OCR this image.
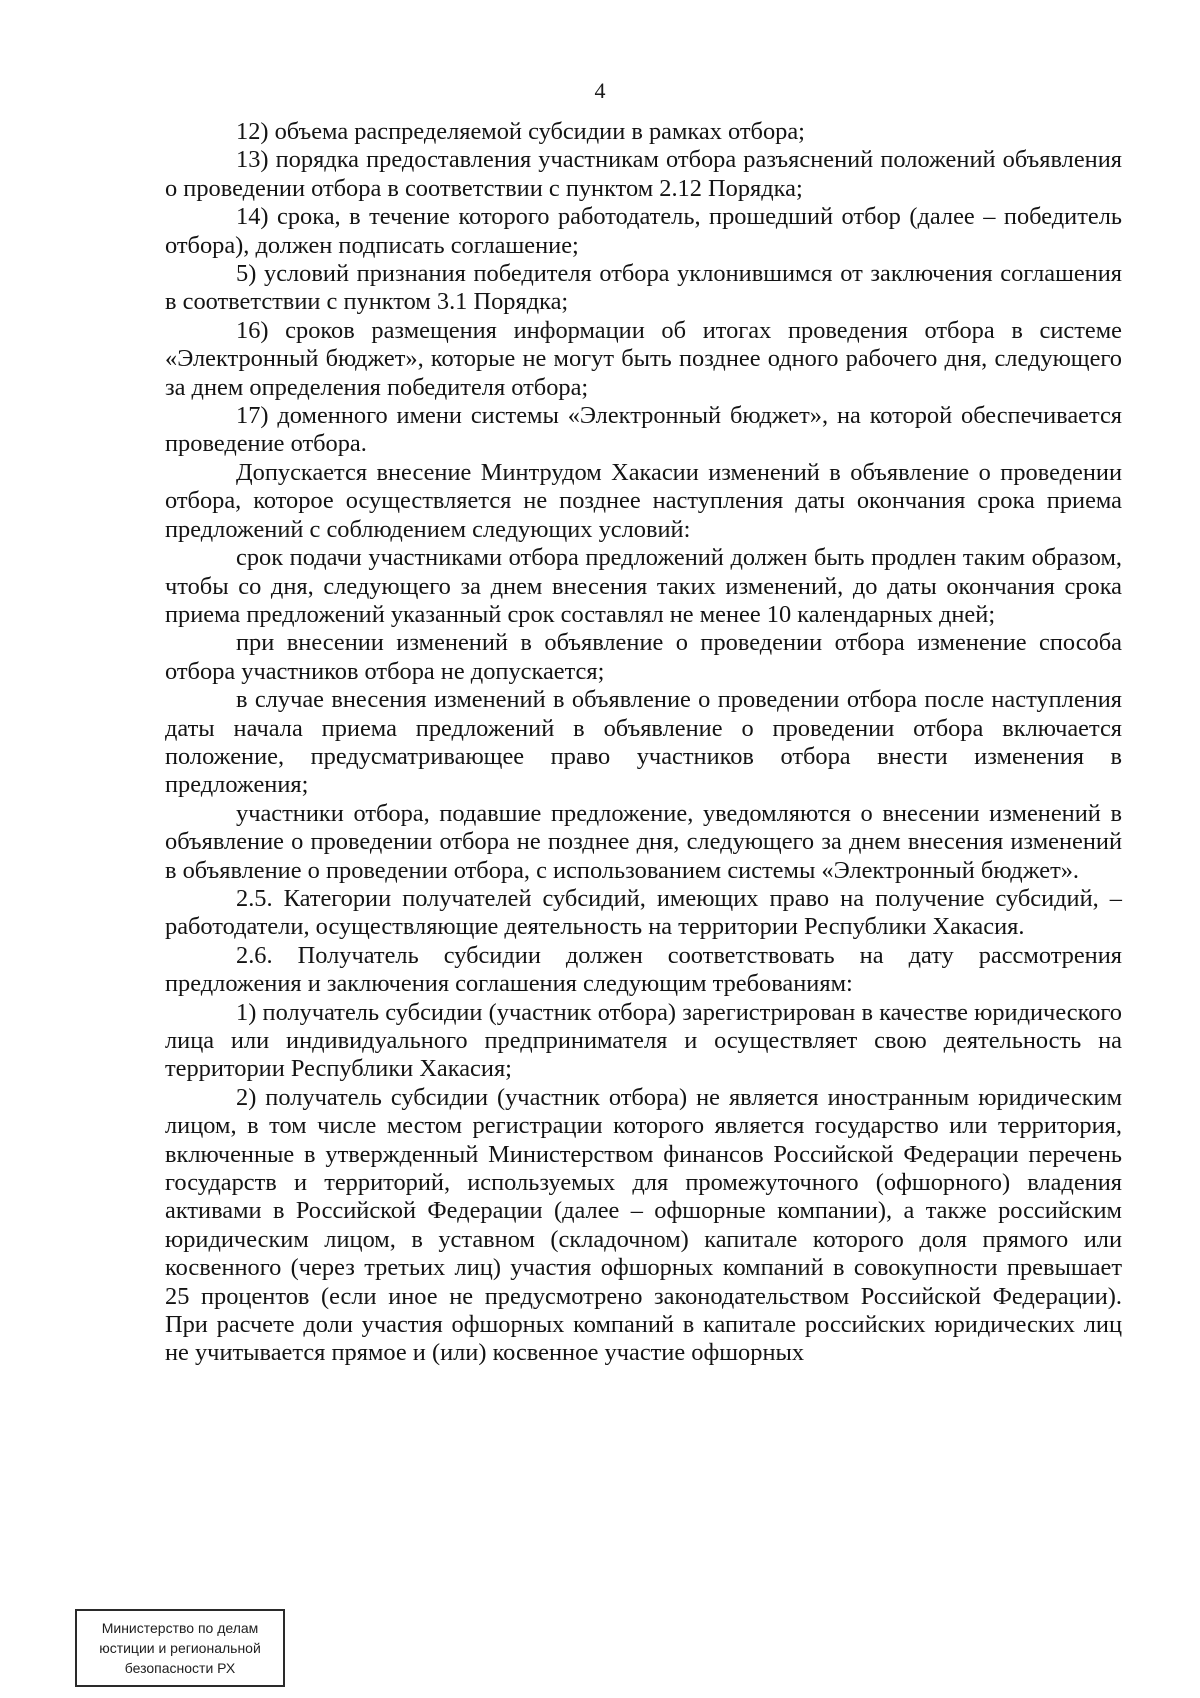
4

12) объема распределяемой субсидии в рамках отбора;

13) порядка предоставления участникам отбора разъяснений положений объявления о проведении отбора в соответствии с пунктом 2.12 Порядка;

14) срока, в течение которого работодатель, прошедший отбор (далее – победитель отбора), должен подписать соглашение;

5) условий признания победителя отбора уклонившимся от заключения соглашения в соответствии с пунктом 3.1 Порядка;

16) сроков размещения информации об итогах проведения отбора в системе «Электронный бюджет», которые не могут быть позднее одного рабочего дня, следующего за днем определения победителя отбора;

17) доменного имени системы «Электронный бюджет», на которой обеспечивается проведение отбора.

Допускается внесение Минтрудом Хакасии изменений в объявление о проведении отбора, которое осуществляется не позднее наступления даты окончания срока приема предложений с соблюдением следующих условий:

срок подачи участниками отбора предложений должен быть продлен таким образом, чтобы со дня, следующего за днем внесения таких изменений, до даты окончания срока приема предложений указанный срок составлял не менее 10 календарных дней;

при внесении изменений в объявление о проведении отбора изменение способа отбора участников отбора не допускается;

в случае внесения изменений в объявление о проведении отбора после наступления даты начала приема предложений в объявление о проведении отбора включается положение, предусматривающее право участников отбора внести изменения в предложения;

участники отбора, подавшие предложение, уведомляются о внесении изменений в объявление о проведении отбора не позднее дня, следующего за днем внесения изменений в объявление о проведении отбора, с использованием системы «Электронный бюджет».

2.5. Категории получателей субсидий, имеющих право на получение субсидий, – работодатели, осуществляющие деятельность на территории Республики Хакасия.

2.6. Получатель субсидии должен соответствовать на дату рассмотрения предложения и заключения соглашения следующим требованиям:

1) получатель субсидии (участник отбора) зарегистрирован в качестве юридического лица или индивидуального предпринимателя и осуществляет свою деятельность на территории Республики Хакасия;

2) получатель субсидии (участник отбора) не является иностранным юридическим лицом, в том числе местом регистрации которого является государство или территория, включенные в утвержденный Министерством финансов Российской Федерации перечень государств и территорий, используемых для промежуточного (офшорного) владения активами в Российской Федерации (далее – офшорные компании), а также российским юридическим лицом, в уставном (складочном) капитале которого доля прямого или косвенного (через третьих лиц) участия офшорных компаний в совокупности превышает 25 процентов (если иное не предусмотрено законодательством Российской Федерации). При расчете доли участия офшорных компаний в капитале российских юридических лиц не учитывается прямое и (или) косвенное участие офшорных

Министерство по делам
юстиции и региональной
безопасности РХ
